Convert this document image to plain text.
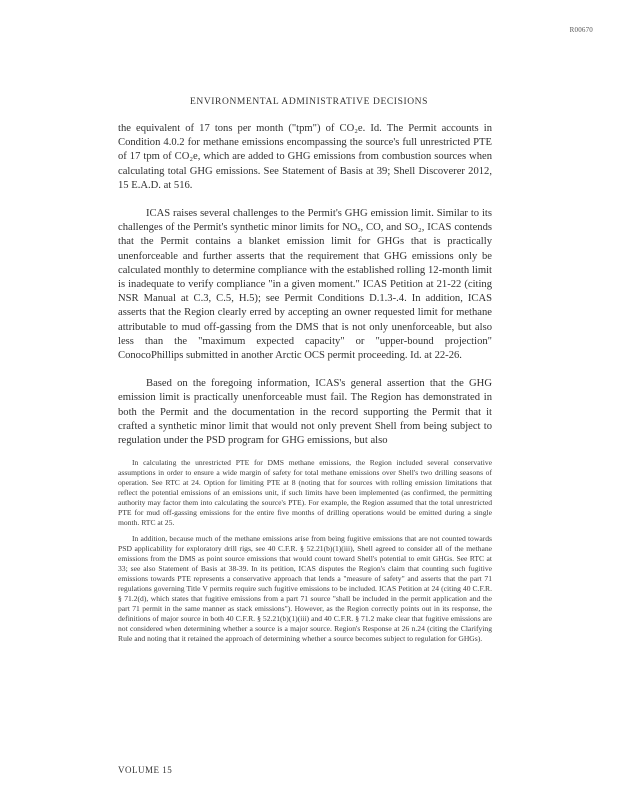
R00670
ENVIRONMENTAL ADMINISTRATIVE DECISIONS

the equivalent of 17 tons per month ("tpm") of CO₂e. Id. The Permit accounts in Condition 4.0.2 for methane emissions encompassing the source's full unrestricted PTE of 17 tpm of CO₂e, which are added to GHG emissions from combustion sources when calculating total GHG emissions. See Statement of Basis at 39; Shell Discoverer 2012, 15 E.A.D. at 516.

ICAS raises several challenges to the Permit's GHG emission limit. Similar to its challenges of the Permit's synthetic minor limits for NOₓ, CO, and SO₂, ICAS contends that the Permit contains a blanket emission limit for GHGs that is practically unenforceable and further asserts that the requirement that GHG emissions only be calculated monthly to determine compliance with the established rolling 12-month limit is inadequate to verify compliance "in a given moment." ICAS Petition at 21-22 (citing NSR Manual at C.3, C.5, H.5); see Permit Conditions D.1.3-.4. In addition, ICAS asserts that the Region clearly erred by accepting an owner requested limit for methane attributable to mud off-gassing from the DMS that is not only unenforceable, but also less than the "maximum expected capacity" or "upper-bound projection" ConocoPhillips submitted in another Arctic OCS permit proceeding. Id. at 22-26.

Based on the foregoing information, ICAS's general assertion that the GHG emission limit is practically unenforceable must fail. The Region has demonstrated in both the Permit and the documentation in the record supporting the Permit that it crafted a synthetic minor limit that would not only prevent Shell from being subject to regulation under the PSD program for GHG emissions, but also

In calculating the unrestricted PTE for DMS methane emissions, the Region included several conservative assumptions in order to ensure a wide margin of safety for total methane emissions over Shell's two drilling seasons of operation. See RTC at 24. Option for limiting PTE at 8 (noting that for sources with rolling emission limitations that reflect the potential emissions of an emissions unit, if such limits have been implemented (as confirmed, the permitting authority may factor them into calculating the source's PTE). For example, the Region assumed that the total unrestricted PTE for mud off-gassing emissions for the entire five months of drilling operations would be emitted during a single month. RTC at 25.

In addition, because much of the methane emissions arise from being fugitive emissions that are not counted towards PSD applicability for exploratory drill rigs, see 40 C.F.R. § 52.21(b)(1)(iii), Shell agreed to consider all of the methane emissions from the DMS as point source emissions that would count toward Shell's potential to emit GHGs. See RTC at 33; see also Statement of Basis at 38-39. In its petition, ICAS disputes the Region's claim that counting such fugitive emissions towards PTE represents a conservative approach that lends a "measure of safety" and asserts that the part 71 regulations governing Title V permits require such fugitive emissions to be included. ICAS Petition at 24 (citing 40 C.F.R. § 71.2(d), which states that fugitive emissions from a part 71 source "shall be included in the permit application and the part 71 permit in the same manner as stack emissions"). However, as the Region correctly points out in its response, the definitions of major source in both 40 C.F.R. § 52.21(b)(1)(iii) and 40 C.F.R. § 71.2 make clear that fugitive emissions are not considered when determining whether a source is a major source. Region's Response at 26 n.24 (citing the Clarifying Rule and noting that it retained the approach of determining whether a source becomes subject to regulation for GHGs).

VOLUME 15
